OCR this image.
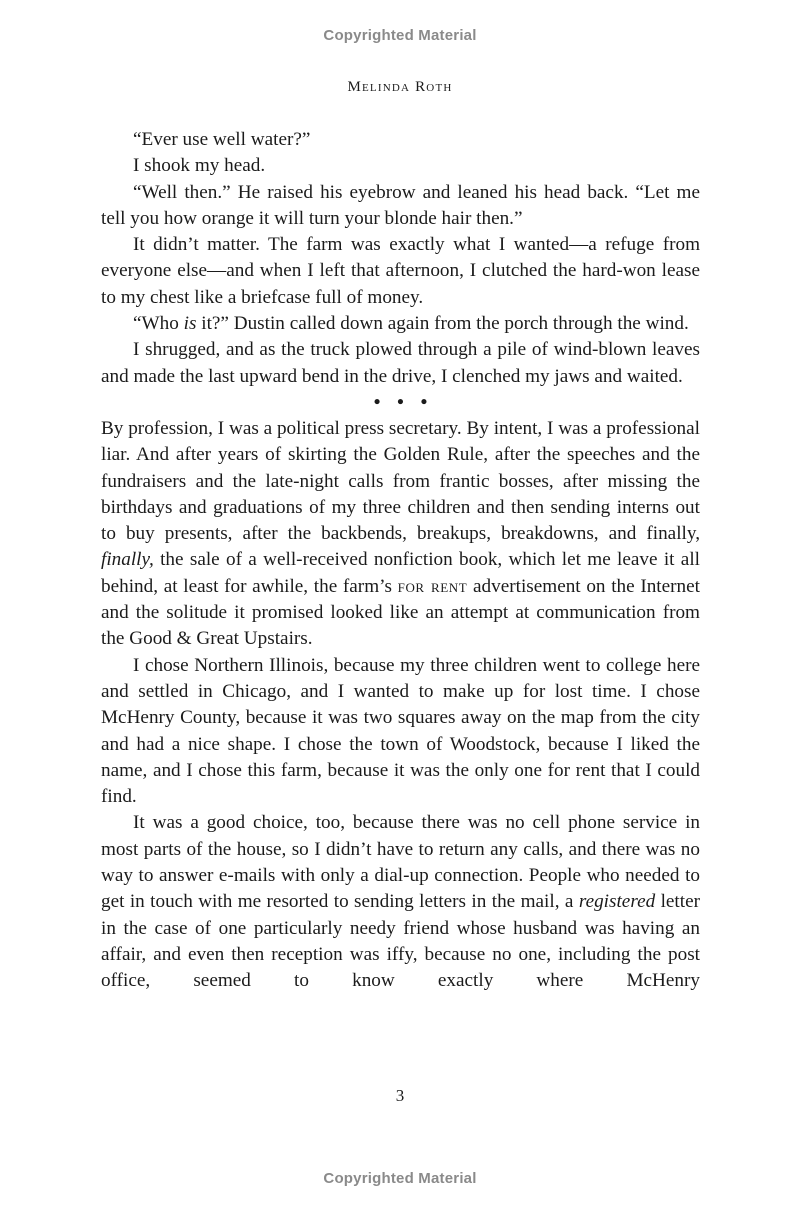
Copyrighted Material
Melinda Roth

“Ever use well water?”

I shook my head.

“Well then.” He raised his eyebrow and leaned his head back. “Let me tell you how orange it will turn your blonde hair then.”

It didn’t matter. The farm was exactly what I wanted—a refuge from everyone else—and when I left that afternoon, I clutched the hard-won lease to my chest like a briefcase full of money.

“Who is it?” Dustin called down again from the porch through the wind.

I shrugged, and as the truck plowed through a pile of wind-blown leaves and made the last upward bend in the drive, I clenched my jaws and waited.

• • •

By profession, I was a political press secretary. By intent, I was a professional liar. And after years of skirting the Golden Rule, after the speeches and the fundraisers and the late-night calls from frantic bosses, after missing the birthdays and graduations of my three children and then sending interns out to buy presents, after the backbends, breakups, breakdowns, and finally, finally, the sale of a well-received nonfiction book, which let me leave it all behind, at least for awhile, the farm’s for rent advertisement on the Internet and the solitude it promised looked like an attempt at communication from the Good & Great Upstairs.

I chose Northern Illinois, because my three children went to college here and settled in Chicago, and I wanted to make up for lost time. I chose McHenry County, because it was two squares away on the map from the city and had a nice shape. I chose the town of Woodstock, because I liked the name, and I chose this farm, because it was the only one for rent that I could find.

It was a good choice, too, because there was no cell phone service in most parts of the house, so I didn’t have to return any calls, and there was no way to answer e-mails with only a dial-up connection. People who needed to get in touch with me resorted to sending letters in the mail, a registered letter in the case of one particularly needy friend whose husband was having an affair, and even then reception was iffy, because no one, including the post office, seemed to know exactly where McHenry

3
Copyrighted Material
